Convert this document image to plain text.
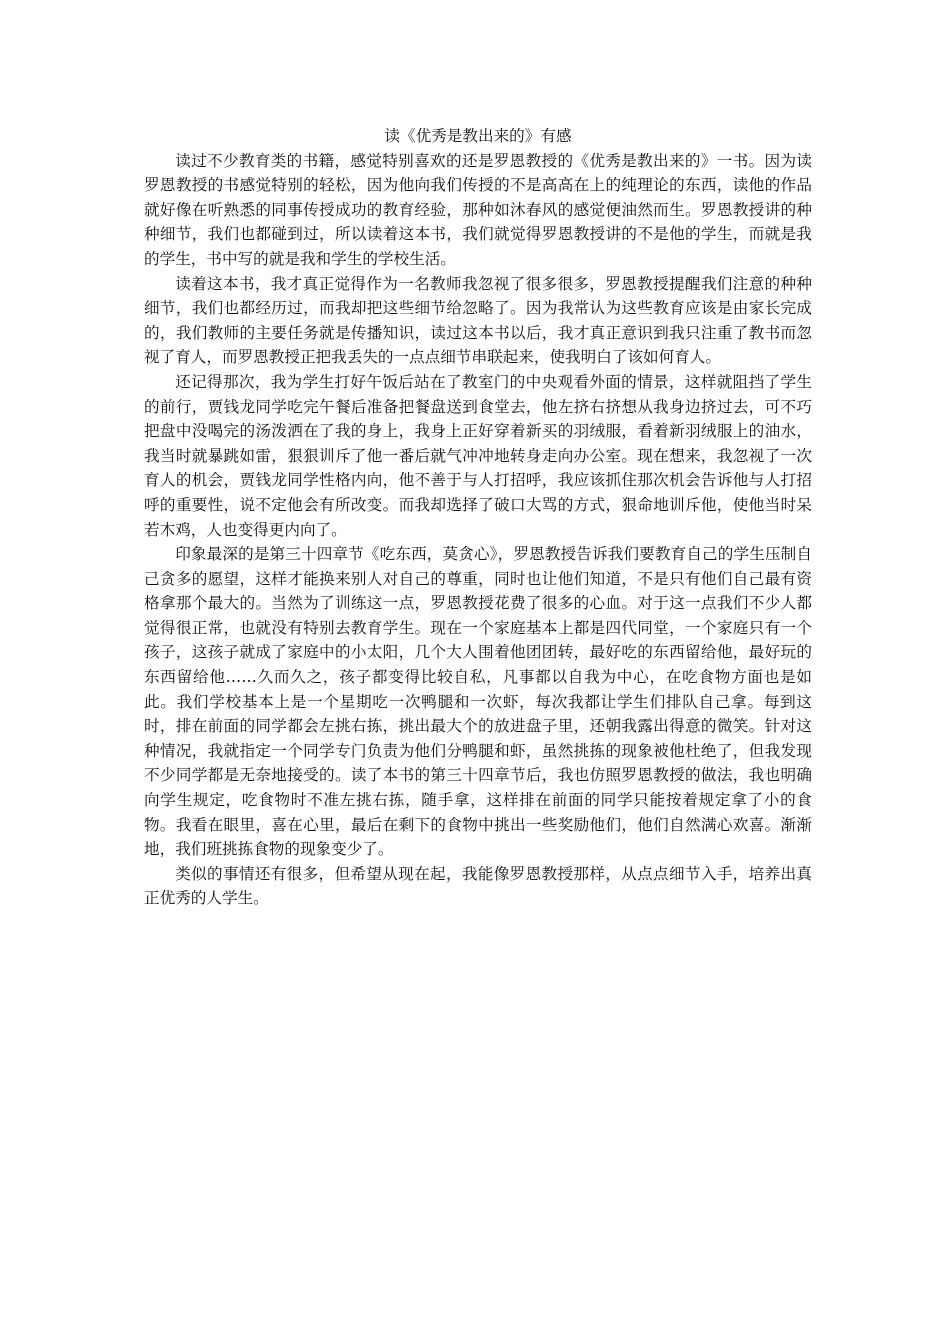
读《优秀是教出来的》有感

读过不少教育类的书籍，感觉特别喜欢的还是罗恩教授的《优秀是教出来的》一书。因为读罗恩教授的书感觉特别的轻松，因为他向我们传授的不是高高在上的纯理论的东西，读他的作品就好像在听熟悉的同事传授成功的教育经验，那种如沐春风的感觉便油然而生。罗恩教授讲的种种细节，我们也都碰到过，所以读着这本书，我们就觉得罗恩教授讲的不是他的学生，而就是我的学生，书中写的就是我和学生的学校生活。

读着这本书，我才真正觉得作为一名教师我忽视了很多很多，罗恩教授提醒我们注意的种种细节，我们也都经历过，而我却把这些细节给忽略了。因为我常认为这些教育应该是由家长完成的，我们教师的主要任务就是传播知识，读过这本书以后，我才真正意识到我只注重了教书而忽视了育人，而罗恩教授正把我丢失的一点点细节串联起来，使我明白了该如何育人。

还记得那次，我为学生打好午饭后站在了教室门的中央观看外面的情景，这样就阻挡了学生的前行，贾钱龙同学吃完午餐后准备把餐盘送到食堂去，他左挤右挤想从我身边挤过去，可不巧把盘中没喝完的汤泼洒在了我的身上，我身上正好穿着新买的羽绒服，看着新羽绒服上的油水，我当时就暴跳如雷，狠狠训斥了他一番后就气冲冲地转身走向办公室。现在想来，我忽视了一次育人的机会，贾钱龙同学性格内向，他不善于与人打招呼，我应该抓住那次机会告诉他与人打招呼的重要性，说不定他会有所改变。而我却选择了破口大骂的方式，狠命地训斥他，使他当时呆若木鸡，人也变得更内向了。

印象最深的是第三十四章节《吃东西，莫贪心》，罗恩教授告诉我们要教育自己的学生压制自己贪多的愿望，这样才能换来别人对自己的尊重，同时也让他们知道，不是只有他们自己最有资格拿那个最大的。当然为了训练这一点，罗恩教授花费了很多的心血。对于这一点我们不少人都觉得很正常，也就没有特别去教育学生。现在一个家庭基本上都是四代同堂，一个家庭只有一个孩子，这孩子就成了家庭中的小太阳，几个大人围着他团团转，最好吃的东西留给他，最好玩的东西留给他……久而久之，孩子都变得比较自私，凡事都以自我为中心，在吃食物方面也是如此。我们学校基本上是一个星期吃一次鸭腿和一次虾，每次我都让学生们排队自己拿。每到这时，排在前面的同学都会左挑右拣，挑出最大个的放进盘子里，还朝我露出得意的微笑。针对这种情况，我就指定一个同学专门负责为他们分鸭腿和虾，虽然挑拣的现象被他杜绝了，但我发现不少同学都是无奈地接受的。读了本书的第三十四章节后，我也仿照罗恩教授的做法，我也明确向学生规定，吃食物时不准左挑右拣，随手拿，这样排在前面的同学只能按着规定拿了小的食物。我看在眼里，喜在心里，最后在剩下的食物中挑出一些奖励他们，他们自然满心欢喜。渐渐地，我们班挑拣食物的现象变少了。

类似的事情还有很多，但希望从现在起，我能像罗恩教授那样，从点点细节入手，培养出真正优秀的人学生。
